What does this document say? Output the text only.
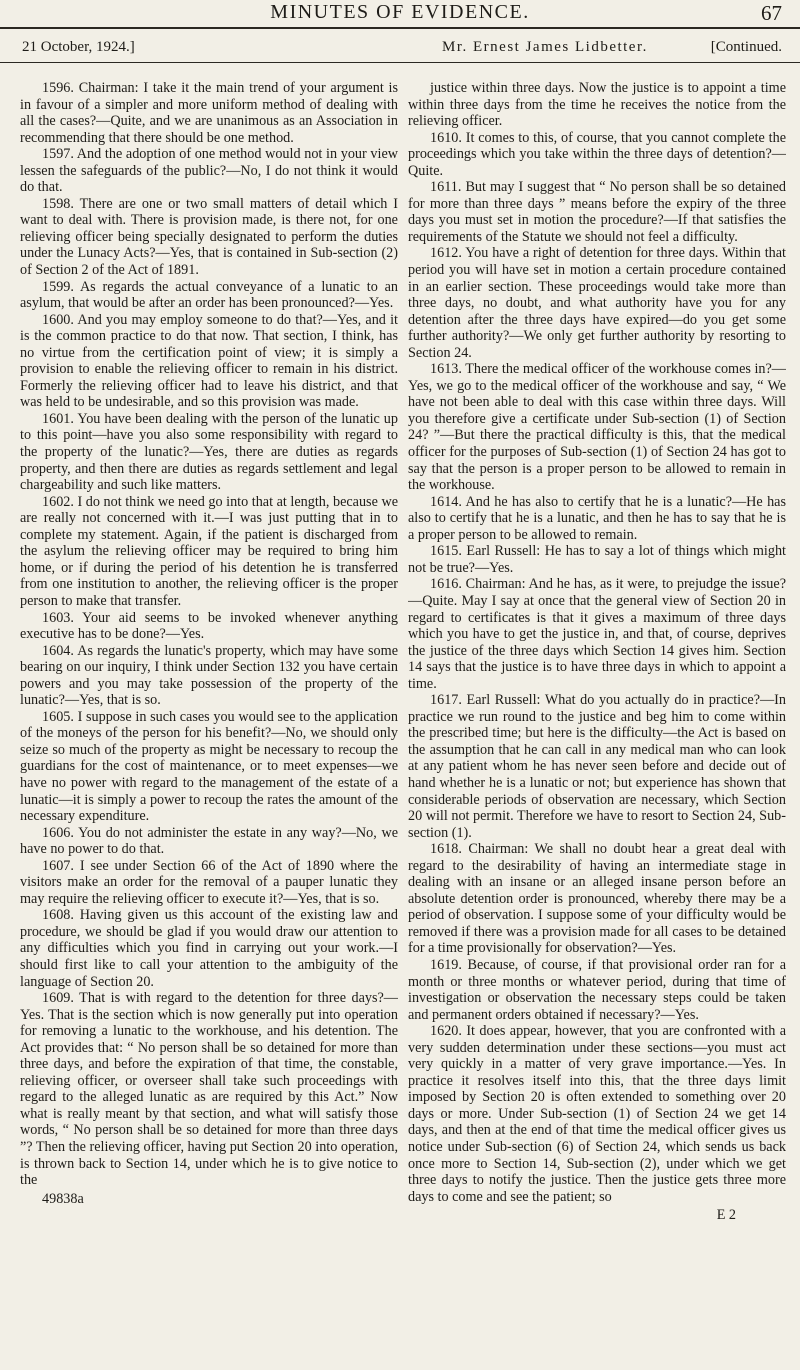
MINUTES OF EVIDENCE.	67
21 October, 1924.]	Mr. Ernest James Lidbetter.	[Continued.

1596. Chairman: I take it the main trend of your argument is in favour of a simpler and more uniform method of dealing with all the cases?—Quite, and we are unanimous as an Association in recommending that there should be one method.

1597. And the adoption of one method would not in your view lessen the safeguards of the public?—No, I do not think it would do that.

1598. There are one or two small matters of detail which I want to deal with. There is provision made, is there not, for one relieving officer being specially designated to perform the duties under the Lunacy Acts?—Yes, that is contained in Sub-section (2) of Section 2 of the Act of 1891.

1599. As regards the actual conveyance of a lunatic to an asylum, that would be after an order has been pronounced?—Yes.

1600. And you may employ someone to do that?—Yes, and it is the common practice to do that now. That section, I think, has no virtue from the certification point of view; it is simply a provision to enable the relieving officer to remain in his district. Formerly the relieving officer had to leave his district, and that was held to be undesirable, and so this provision was made.

1601. You have been dealing with the person of the lunatic up to this point—have you also some responsibility with regard to the property of the lunatic?—Yes, there are duties as regards property, and then there are duties as regards settlement and legal chargeability and such like matters.

1602. I do not think we need go into that at length, because we are really not concerned with it.—I was just putting that in to complete my statement. Again, if the patient is discharged from the asylum the relieving officer may be required to bring him home, or if during the period of his detention he is transferred from one institution to another, the relieving officer is the proper person to make that transfer.

1603. Your aid seems to be invoked whenever anything executive has to be done?—Yes.

1604. As regards the lunatic's property, which may have some bearing on our inquiry, I think under Section 132 you have certain powers and you may take possession of the property of the lunatic?—Yes, that is so.

1605. I suppose in such cases you would see to the application of the moneys of the person for his benefit?—No, we should only seize so much of the property as might be necessary to recoup the guardians for the cost of maintenance, or to meet expenses—we have no power with regard to the management of the estate of a lunatic—it is simply a power to recoup the rates the amount of the necessary expenditure.

1606. You do not administer the estate in any way?—No, we have no power to do that.

1607. I see under Section 66 of the Act of 1890 where the visitors make an order for the removal of a pauper lunatic they may require the relieving officer to execute it?—Yes, that is so.

1608. Having given us this account of the existing law and procedure, we should be glad if you would draw our attention to any difficulties which you find in carrying out your work.—I should first like to call your attention to the ambiguity of the language of Section 20.

1609. That is with regard to the detention for three days?—Yes. That is the section which is now generally put into operation for removing a lunatic to the workhouse, and his detention. The Act provides that: “ No person shall be so detained for more than three days, and before the expiration of that time, the constable, relieving officer, or overseer shall take such proceedings with regard to the alleged lunatic as are required by this Act.” Now what is really meant by that section, and what will satisfy those words, “ No person shall be so detained for more than three days ”? Then the relieving officer, having put Section 20 into operation, is thrown back to Section 14, under which he is to give notice to the

49838a

justice within three days. Now the justice is to appoint a time within three days from the time he receives the notice from the relieving officer.

1610. It comes to this, of course, that you cannot complete the proceedings which you take within the three days of detention?—Quite.

1611. But may I suggest that “ No person shall be so detained for more than three days ” means before the expiry of the three days you must set in motion the procedure?—If that satisfies the requirements of the Statute we should not feel a difficulty.

1612. You have a right of detention for three days. Within that period you will have set in motion a certain procedure contained in an earlier section. These proceedings would take more than three days, no doubt, and what authority have you for any detention after the three days have expired—do you get some further authority?—We only get further authority by resorting to Section 24.

1613. There the medical officer of the workhouse comes in?—Yes, we go to the medical officer of the workhouse and say, “ We have not been able to deal with this case within three days. Will you therefore give a certificate under Sub-section (1) of Section 24? ”—But there the practical difficulty is this, that the medical officer for the purposes of Sub-section (1) of Section 24 has got to say that the person is a proper person to be allowed to remain in the workhouse.

1614. And he has also to certify that he is a lunatic?—He has also to certify that he is a lunatic, and then he has to say that he is a proper person to be allowed to remain.

1615. Earl Russell: He has to say a lot of things which might not be true?—Yes.

1616. Chairman: And he has, as it were, to prejudge the issue?—Quite. May I say at once that the general view of Section 20 in regard to certificates is that it gives a maximum of three days which you have to get the justice in, and that, of course, deprives the justice of the three days which Section 14 gives him. Section 14 says that the justice is to have three days in which to appoint a time.

1617. Earl Russell: What do you actually do in practice?—In practice we run round to the justice and beg him to come within the prescribed time; but here is the difficulty—the Act is based on the assumption that he can call in any medical man who can look at any patient whom he has never seen before and decide out of hand whether he is a lunatic or not; but experience has shown that considerable periods of observation are necessary, which Section 20 will not permit. Therefore we have to resort to Section 24, Sub-section (1).

1618. Chairman: We shall no doubt hear a great deal with regard to the desirability of having an intermediate stage in dealing with an insane or an alleged insane person before an absolute detention order is pronounced, whereby there may be a period of observation. I suppose some of your difficulty would be removed if there was a provision made for all cases to be detained for a time provisionally for observation?—Yes.

1619. Because, of course, if that provisional order ran for a month or three months or whatever period, during that time of investigation or observation the necessary steps could be taken and permanent orders obtained if necessary?—Yes.

1620. It does appear, however, that you are confronted with a very sudden determination under these sections—you must act very quickly in a matter of very grave importance.—Yes. In practice it resolves itself into this, that the three days limit imposed by Section 20 is often extended to something over 20 days or more. Under Sub-section (1) of Section 24 we get 14 days, and then at the end of that time the medical officer gives us notice under Sub-section (6) of Section 24, which sends us back once more to Section 14, Sub-section (2), under which we get three days to notify the justice. Then the justice gets three more days to come and see the patient; so

E 2
